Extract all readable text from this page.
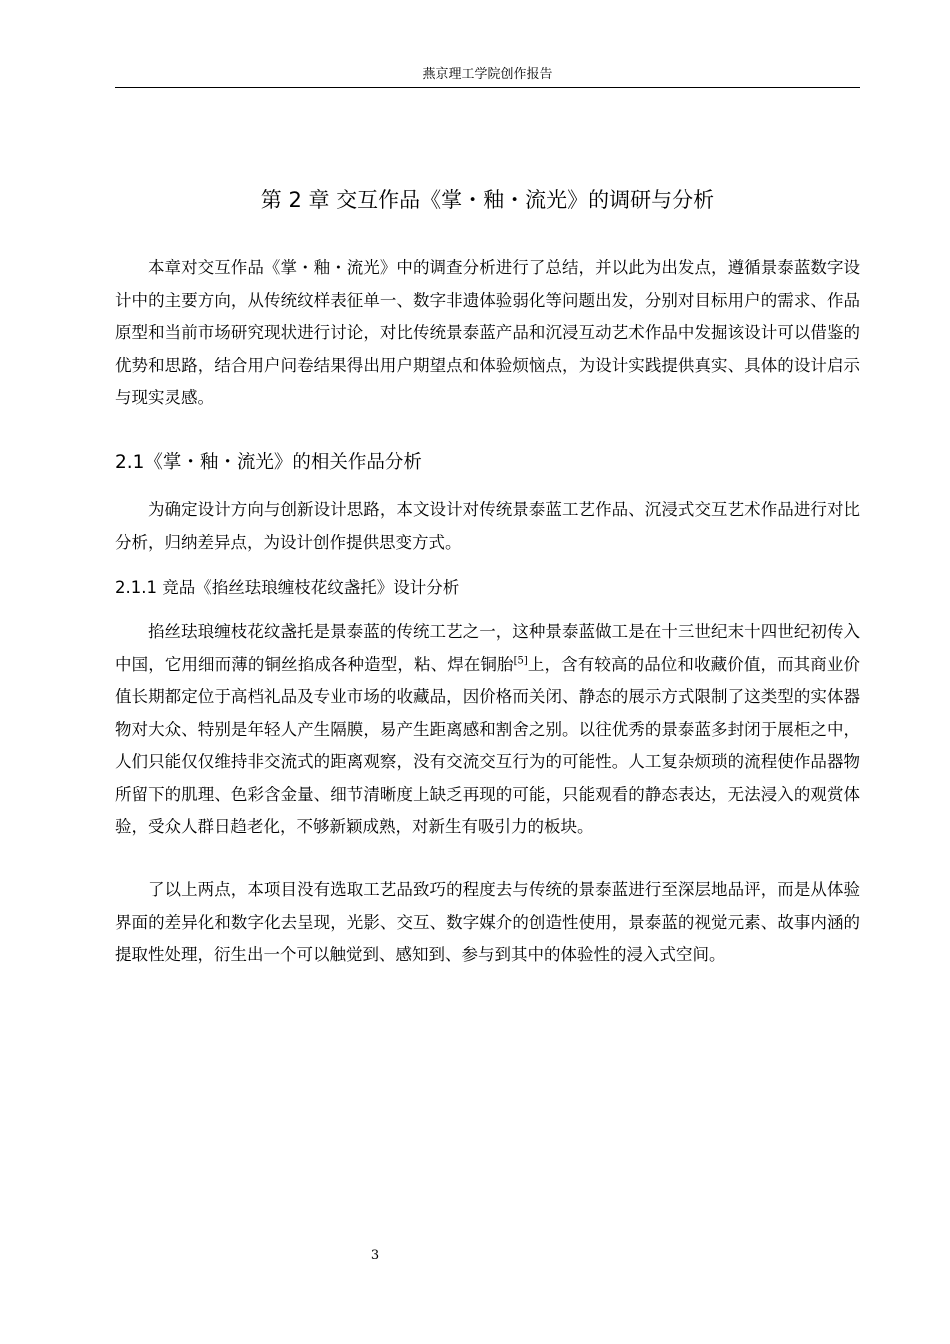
燕京理工学院创作报告
第 2 章 交互作品《掌・釉・流光》的调研与分析

本章对交互作品《掌・釉・流光》中的调查分析进行了总结，并以此为出发点，遵循景泰蓝数字设计中的主要方向，从传统纹样表征单一、数字非遗体验弱化等问题出发，分别对目标用户的需求、作品原型和当前市场研究现状进行讨论，对比传统景泰蓝产品和沉浸互动艺术作品中发掘该设计可以借鉴的优势和思路，结合用户问卷结果得出用户期望点和体验烦恼点，为设计实践提供真实、具体的设计启示与现实灵感。

2.1《掌・釉・流光》的相关作品分析

为确定设计方向与创新设计思路，本文设计对传统景泰蓝工艺作品、沉浸式交互艺术作品进行对比分析，归纳差异点，为设计创作提供思变方式。

2.1.1 竞品《掐丝珐琅缠枝花纹盏托》设计分析

掐丝珐琅缠枝花纹盏托是景泰蓝的传统工艺之一，这种景泰蓝做工是在十三世纪末十四世纪初传入中国，它用细而薄的铜丝掐成各种造型，粘、焊在铜胎[5]上，含有较高的品位和收藏价值，而其商业价值长期都定位于高档礼品及专业市场的收藏品，因价格而关闭、静态的展示方式限制了这类型的实体器物对大众、特别是年轻人产生隔膜，易产生距离感和割舍之别。以往优秀的景泰蓝多封闭于展柜之中，人们只能仅仅维持非交流式的距离观察，没有交流交互行为的可能性。人工复杂烦琐的流程使作品器物所留下的肌理、色彩含金量、细节清晰度上缺乏再现的可能，只能观看的静态表达，无法浸入的观赏体验，受众人群日趋老化，不够新颖成熟，对新生有吸引力的板块。

了以上两点，本项目没有选取工艺品致巧的程度去与传统的景泰蓝进行至深层地品评，而是从体验界面的差异化和数字化去呈现，光影、交互、数字媒介的创造性使用，景泰蓝的视觉元素、故事内涵的提取性处理，衍生出一个可以触觉到、感知到、参与到其中的体验性的浸入式空间。

3
